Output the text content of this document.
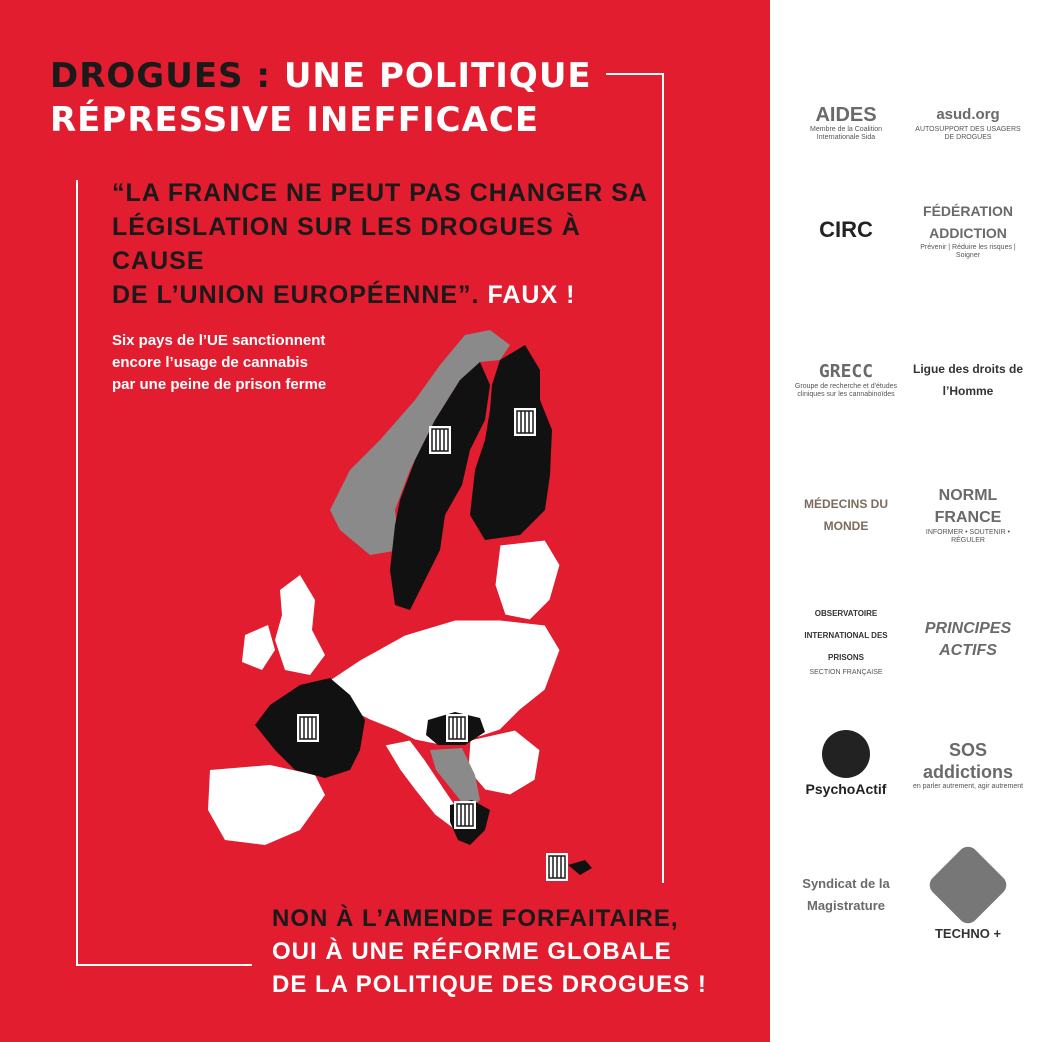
DROGUES : UNE POLITIQUE
RÉPRESSIVE INEFFICACE
“LA FRANCE NE PEUT PAS CHANGER SA
LÉGISLATION SUR LES DROGUES À CAUSE
DE L’UNION EUROPÉENNE”. FAUX !
Six pays de l’UE sanctionnent
encore l’usage de cannabis
par une peine de prison ferme
NON À L’AMENDE FORFAITAIRE,
OUI À UNE RÉFORME GLOBALE
DE LA POLITIQUE DES DROGUES !
AIDES
Membre de la Coalition Internationale Sida
asud.org
AUTOSUPPORT DES USAGERS DE DROGUES
CIRC
FÉDÉRATION ADDICTION
Prévenir | Réduire les risques | Soigner
GRECC
Groupe de recherche et d'études cliniques sur les cannabinoïdes
Ligue des droits de l’Homme
MÉDECINS DU MONDE
NORML FRANCE
INFORMER • SOUTENIR • RÉGULER
OBSERVATOIRE INTERNATIONAL DES PRISONS
SECTION FRANÇAISE
PRINCIPES ACTIFS
PsychoActif
SOS addictions
en parler autrement, agir autrement
Syndicat de la Magistrature
TECHNO +
